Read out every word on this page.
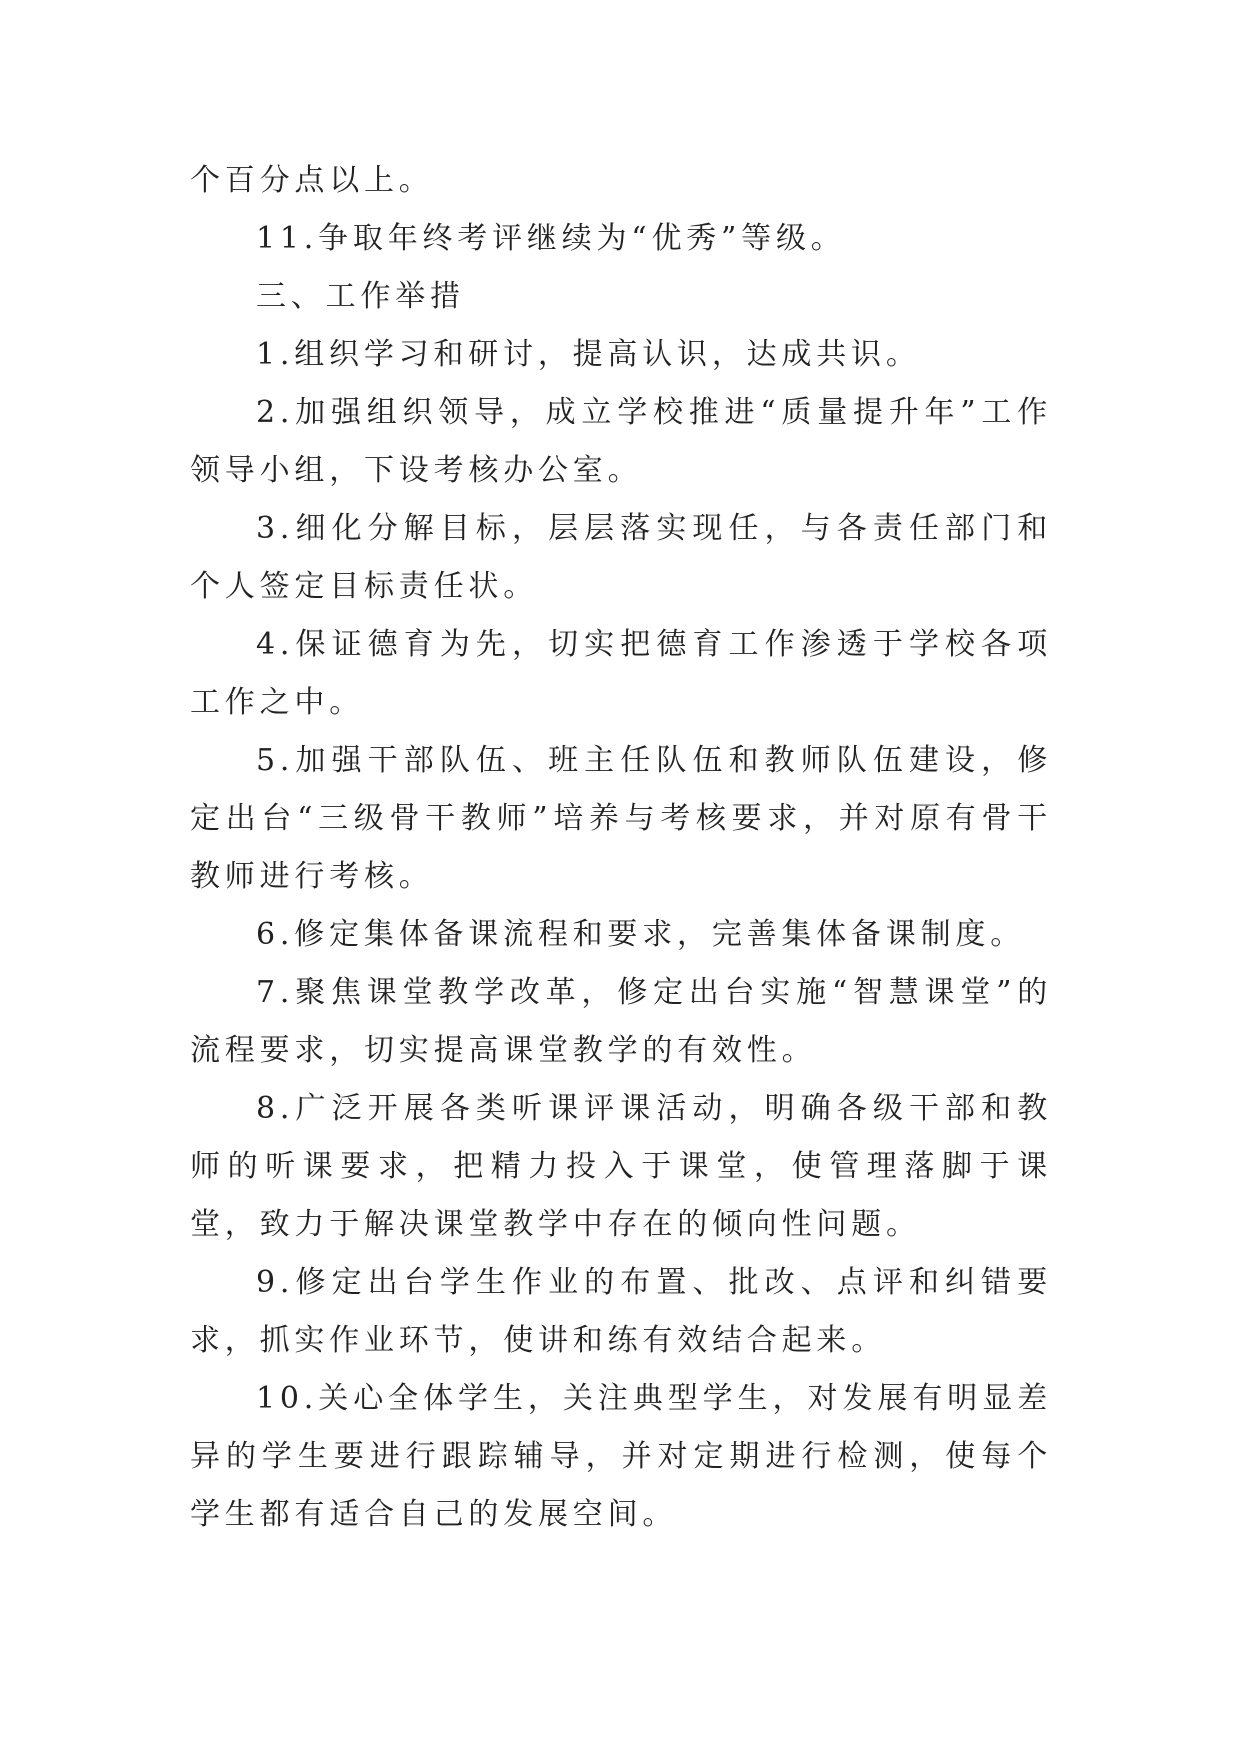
个百分点以上。

11.争取年终考评继续为“优秀”等级。

三、工作举措

1.组织学习和研讨，提高认识，达成共识。

2.加强组织领导，成立学校推进“质量提升年”工作领导小组，下设考核办公室。

3.细化分解目标，层层落实现任，与各责任部门和个人签定目标责任状。

4.保证德育为先，切实把德育工作渗透于学校各项工作之中。

5.加强干部队伍、班主任队伍和教师队伍建设，修定出台“三级骨干教师”培养与考核要求，并对原有骨干教师进行考核。

6.修定集体备课流程和要求，完善集体备课制度。

7.聚焦课堂教学改革，修定出台实施“智慧课堂”的流程要求，切实提高课堂教学的有效性。

8.广泛开展各类听课评课活动，明确各级干部和教师的听课要求，把精力投入于课堂，使管理落脚于课堂，致力于解决课堂教学中存在的倾向性问题。

9.修定出台学生作业的布置、批改、点评和纠错要求，抓实作业环节，使讲和练有效结合起来。

10.关心全体学生，关注典型学生，对发展有明显差异的学生要进行跟踪辅导，并对定期进行检测，使每个学生都有适合自己的发展空间。
